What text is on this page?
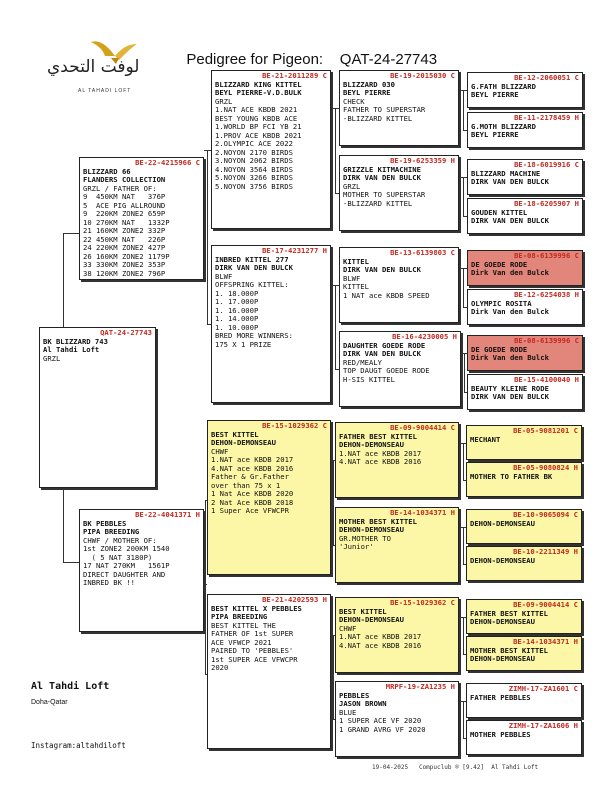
Pedigree for Pigeon: QAT-24-27743

لوفت التحدي
AL TAHADI LOFT
QAT-24-27743
BK BLIZZARD 743
Al Tahdi Loft
GRZL
BE-22-4215966 C
BLIZZARD 66
FLANDERS COLLECTION
GRZL / FATHER OF:
9  450KM NAT   376P
5  ACE PIG ALLROUND
9  220KM ZONE2 659P
10 270KM NAT   1332P
21 160KM ZONE2 332P
22 450KM NAT   226P
24 220KM ZONE2 427P
26 160KM ZONE2 1179P
33 330KM ZONE2 353P
38 120KM ZONE2 796P
BE-22-4041371 H
BK PEBBLES
PIPA BREEDING
CHWF / MOTHER OF:
1st ZONE2 200KM 1540
( 5 NAT 3180P)
17 NAT 270KM   1561P
DIRECT DAUGHTER AND
INBRED BK !!
BE-21-2011289 C
BLIZZARD KING KITTEL
BEYL PIERRE-V.D.BULK
GRZL
1.NAT ACE KBDB 2021
BEST YOUNG KBDB ACE
1.WORLD BP FCI YB 21
1.PROV ACE KBDB 2021
2.OLYMPIC ACE 2022
2.NOYON 2170 BIRDS
3.NOYON 2062 BIRDS
4.NOYON 3564 BIRDS
5.NOYON 3266 BIRDS
5.NOYON 3756 BIRDS
BE-17-4231277 H
INBRED KITTEL 277
DIRK VAN DEN BULCK
BLWF
OFFSPRING KITTEL:
1. 18.000P
1. 17.000P
1. 16.000P
1. 14.000P
1. 10.000P
BRED MORE WINNERS:
175 X 1 PRIZE
BE-15-1029362 C
BEST KITTEL
DEHON-DEMONSEAU
CHWF
1.NAT ace KBDB 2017
4.NAT ace KBDB 2016
Father & Gr.Father
over than 75 x 1
1 Nat Ace KBDB 2020
2 Nat Ace KBDB 2018
1 Super Ace VFWCPR
BE-21-4202593 H
BEST KITTEL X PEBBLES
PIPA BREEDING
BEST KITTEL THE
FATHER OF 1st SUPER
ACE VFWCP 2021
PAIRED TO 'PEBBLES'
1st SUPER ACE VFWCPR
2020
BE-19-2015030 C
BLIZZARD 030
BEYL PIERRE
CHECK
FATHER TO SUPERSTAR
-BLIZZARD KITTEL
BE-19-6253359 H
GRIZZLE KITMACHINE
DIRK VAN DEN BULCK
GRZL
MOTHER TO SUPERSTAR
-BLIZZARD KITTEL
BE-13-6139803 C
KITTEL
DIRK VAN DEN BULCK
BLWF
KITTEL
1 NAT ace KBDB SPEED
BE-16-4230005 H
DAUGHTER GOEDE RODE
DIRK VAN DEN BULCK
RED/MEALY
TOP DAUGT GOEDE RODE
H-SIS KITTEL
BE-09-9004414 C
FATHER BEST KITTEL
DEHON-DEMONSEAU
1.NAT ace KBDB 2017
4.NAT ace KBDB 2016
BE-14-1034371 H
MOTHER BEST KITTEL
DEHON-DEMONSEAU
GR.MOTHER TO
'Junior'
BE-15-1029362 C
BEST KITTEL
DEHON-DEMONSEAU
CHWF
1.NAT ace KBDB 2017
4.NAT ace KBDB 2016
MRPF-19-ZA1235 H
PEBBLES
JASON BROWN
BLUE
1 SUPER ACE VF 2020
1 GRAND AVRG VF 2020
BE-12-2060051 C
G.FATH BLIZZARD
BEYL PIERRE
BE-11-2178459 H
G.MOTH BLIZZARD
BEYL PIERRE
BE-18-6019916 C
BLIZZARD MACHINE
DIRK VAN DEN BULCK
BE-18-6205907 H
GOUDEN KITTEL
DIRK VAN DEN BULCK
BE-08-6139996 C
DE GOEDE RODE
Dirk Van den Bulck
BE-12-6254038 H
OLYMPIC ROSITA
Dirk Van den Bulck
BE-08-6139996 C
DE GOEDE RODE
Dirk Van den Bulck
BE-15-4100040 H
BEAUTY KLEINE RODE
DIRK VAN DEN BULCK
BE-05-9081201 C
MECHANT
BE-05-9080824 H
MOTHER TO FATHER BK
BE-10-9065094 C
DEHON-DEMONSEAU
BE-10-2211349 H
DEHON-DEMONSEAU
BE-09-9004414 C
FATHER BEST KITTEL
DEHON-DEMONSEAU
BE-14-1034371 H
MOTHER BEST KITTEL
DEHON-DEMONSEAU
ZIMH-17-ZA1601 C
FATHER PEBBLES
ZIMH-17-ZA1606 H
MOTHER PEBBLES
Al Tahdi Loft
Doha-Qatar
Instagram:altahdiloft
19-04-2025   Compuclub ® [9.42]  Al Tahdi Loft
